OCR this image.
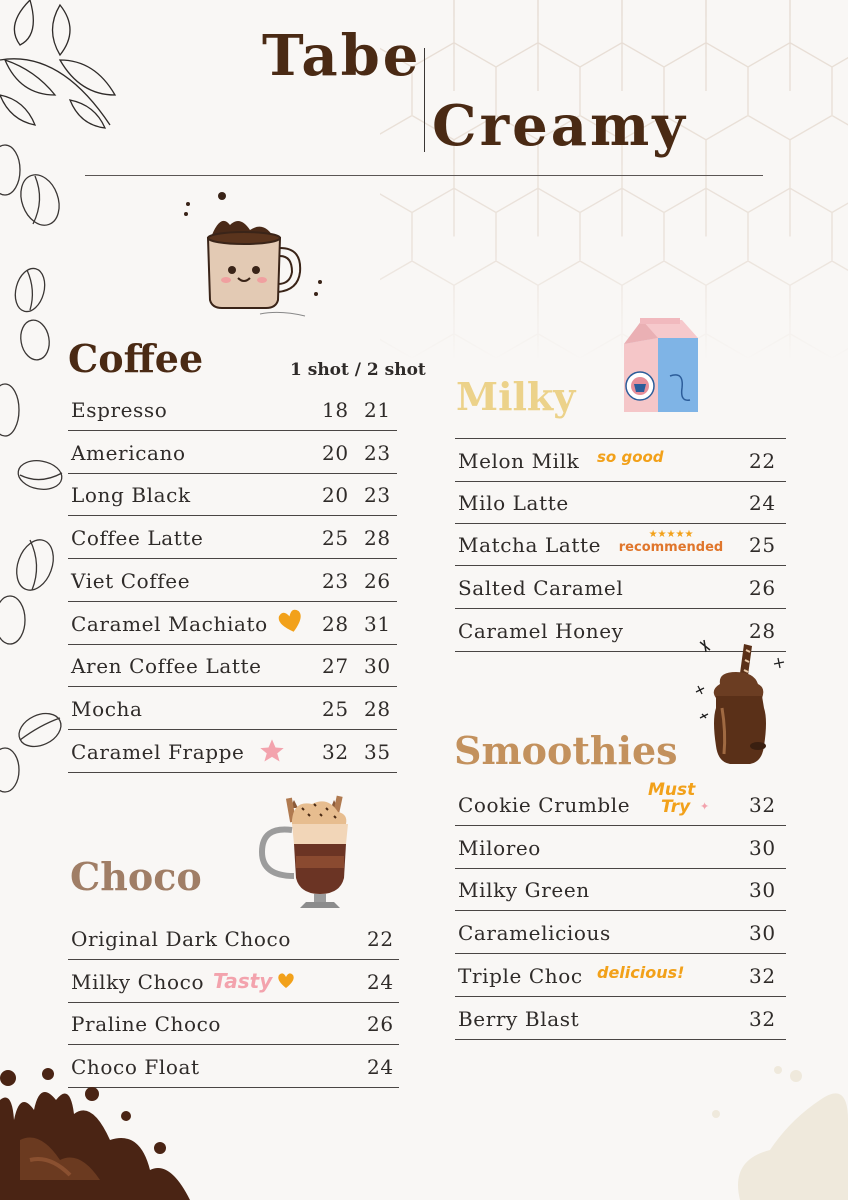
Tabe
Creamy
Coffee	1 shot / 2 shot
Espresso	18 21
Americano	20 23
Long Black	20 23
Coffee Latte	25 28
Viet Coffee	23 26
Caramel Machiato	28 31
Aren Coffee Latte	27 30
Mocha	25 28
Caramel Frappe	32 35
Milky
Melon Milk	22
Milo Latte	24
Matcha Latte	25
Salted Caramel	26
Caramel Honey	28
Smoothies
Cookie Crumble	32
Miloreo	30
Milky Green	30
Caramelicious	30
Triple Choc	32
Berry Blast	32
Choco
Original Dark Choco	22
Milky Choco	24
Praline Choco	26
Choco Float	24
so good
★★★★★
recommended
Must
Try ✦
delicious!
Tasty
